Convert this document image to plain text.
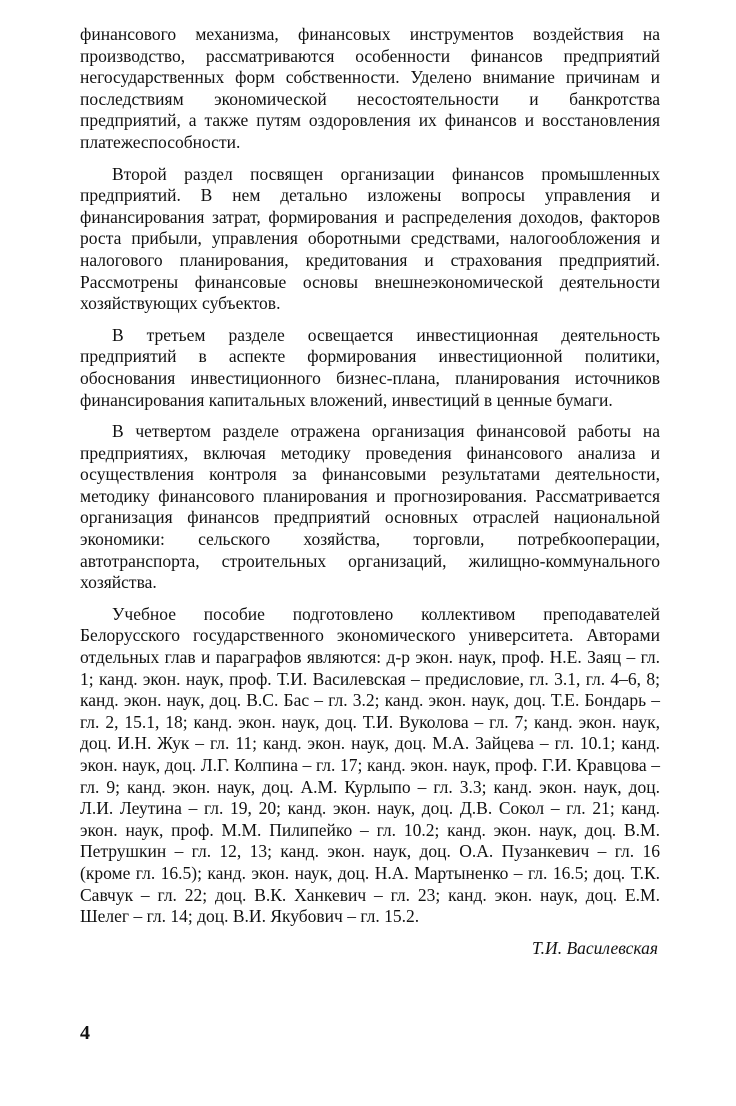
финансового механизма, финансовых инструментов воздействия на производство, рассматриваются особенности финансов предприятий негосударственных форм собственности. Уделено внимание причинам и последствиям экономической несостоятельности и банкротства предприятий, а также путям оздоровления их финансов и восстановления платежеспособности.

Второй раздел посвящен организации финансов промышленных предприятий. В нем детально изложены вопросы управления и финансирования затрат, формирования и распределения доходов, факторов роста прибыли, управления оборотными средствами, налогообложения и налогового планирования, кредитования и страхования предприятий. Рассмотрены финансовые основы внешнеэкономической деятельности хозяйствующих субъектов.

В третьем разделе освещается инвестиционная деятельность предприятий в аспекте формирования инвестиционной политики, обоснования инвестиционного бизнес-плана, планирования источников финансирования капитальных вложений, инвестиций в ценные бумаги.

В четвертом разделе отражена организация финансовой работы на предприятиях, включая методику проведения финансового анализа и осуществления контроля за финансовыми результатами деятельности, методику финансового планирования и прогнозирования. Рассматривается организация финансов предприятий основных отраслей национальной экономики: сельского хозяйства, торговли, потребкооперации, автотранспорта, строительных организаций, жилищно-коммунального хозяйства.

Учебное пособие подготовлено коллективом преподавателей Белорусского государственного экономического университета. Авторами отдельных глав и параграфов являются: д-р экон. наук, проф. Н.Е. Заяц – гл. 1; канд. экон. наук, проф. Т.И. Василевская – предисловие, гл. 3.1, гл. 4–6, 8; канд. экон. наук, доц. В.С. Бас – гл. 3.2; канд. экон. наук, доц. Т.Е. Бондарь – гл. 2, 15.1, 18; канд. экон. наук, доц. Т.И. Вуколова – гл. 7; канд. экон. наук, доц. И.Н. Жук – гл. 11; канд. экон. наук, доц. М.А. Зайцева – гл. 10.1; канд. экон. наук, доц. Л.Г. Колпина – гл. 17; канд. экон. наук, проф. Г.И. Кравцова – гл. 9; канд. экон. наук, доц. А.М. Курлыпо – гл. 3.3; канд. экон. наук, доц. Л.И. Леутина – гл. 19, 20; канд. экон. наук, доц. Д.В. Сокол – гл. 21; канд. экон. наук, проф. М.М. Пилипейко – гл. 10.2; канд. экон. наук, доц. В.М. Петрушкин – гл. 12, 13; канд. экон. наук, доц. О.А. Пузанкевич – гл. 16 (кроме гл. 16.5); канд. экон. наук, доц. Н.А. Мартыненко – гл. 16.5; доц. Т.К. Савчук – гл. 22; доц. В.К. Ханкевич – гл. 23; канд. экон. наук, доц. Е.М. Шелег – гл. 14; доц. В.И. Якубович – гл. 15.2.

Т.И. Василевская
4
